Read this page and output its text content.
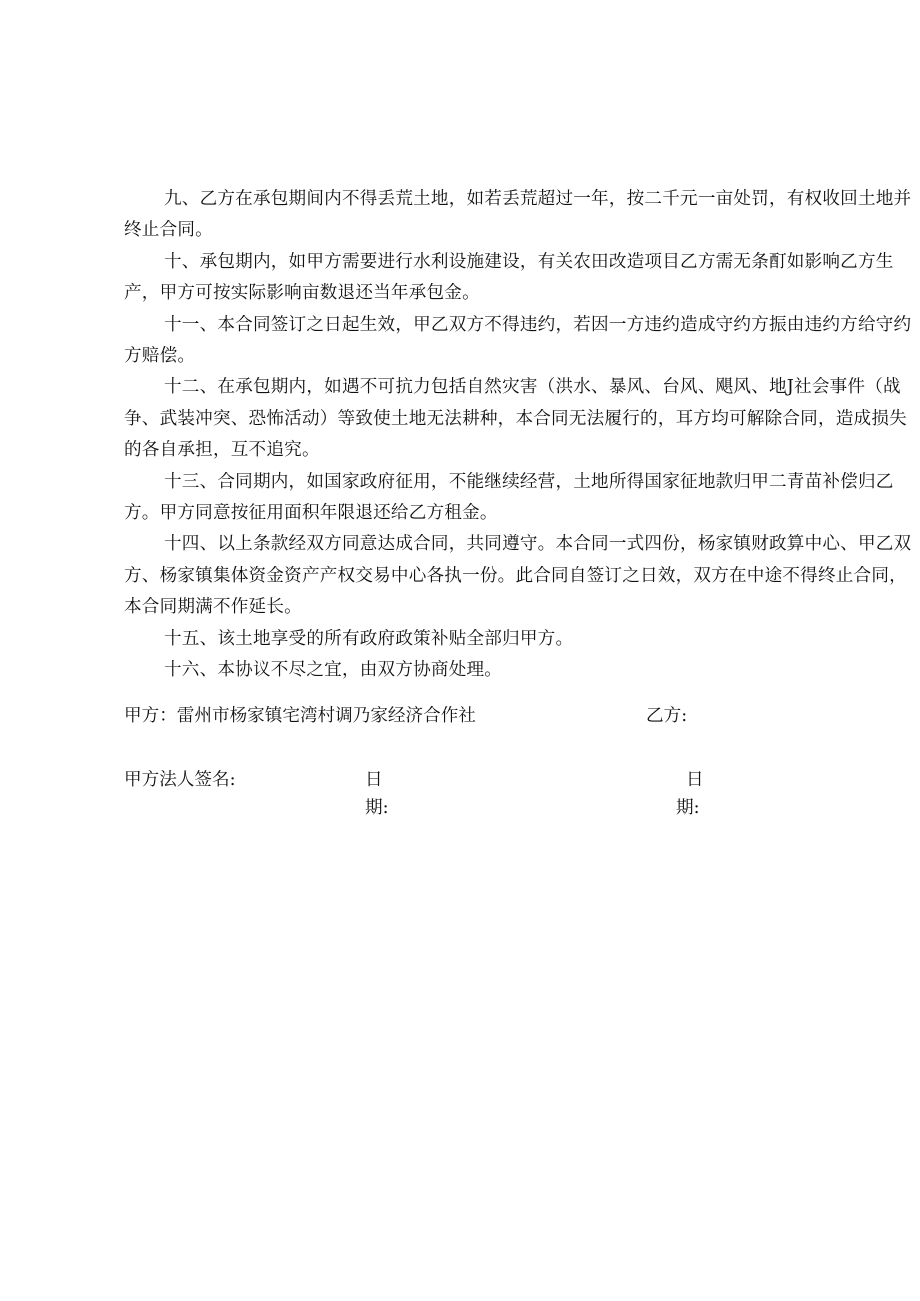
九、乙方在承包期间内不得丢荒土地，如若丢荒超过一年，按二千元一亩处罚，有权收回土地并终止合同。

十、承包期内，如甲方需要进行水利设施建设，有关农田改造项目乙方需无条酊如影响乙方生产，甲方可按实际影响亩数退还当年承包金。

十一、本合同签订之日起生效，甲乙双方不得违约，若因一方违约造成守约方振由违约方给守约方赔偿。

十二、在承包期内，如遇不可抗力包括自然灾害（洪水、暴风、台风、飓风、地J社会事件（战争、武装冲突、恐怖活动）等致使土地无法耕种，本合同无法履行的，耳方均可解除合同，造成损失的各自承担，互不追究。

十三、合同期内，如国家政府征用，不能继续经营，土地所得国家征地款归甲二青苗补偿归乙方。甲方同意按征用面积年限退还给乙方租金。

十四、以上条款经双方同意达成合同，共同遵守。本合同一式四份，杨家镇财政算中心、甲乙双方、杨家镇集体资金资产产权交易中心各执一份。此合同自签订之日效，双方在中途不得终止合同，本合同期满不作延长。

十五、该土地享受的所有政府政策补贴全部归甲方。

十六、本协议不尽之宜，由双方协商处理。

甲方：雷州市杨家镇宅湾村调乃家经济合作社	乙方:
甲方法人签名:	日
期:
日
期:
